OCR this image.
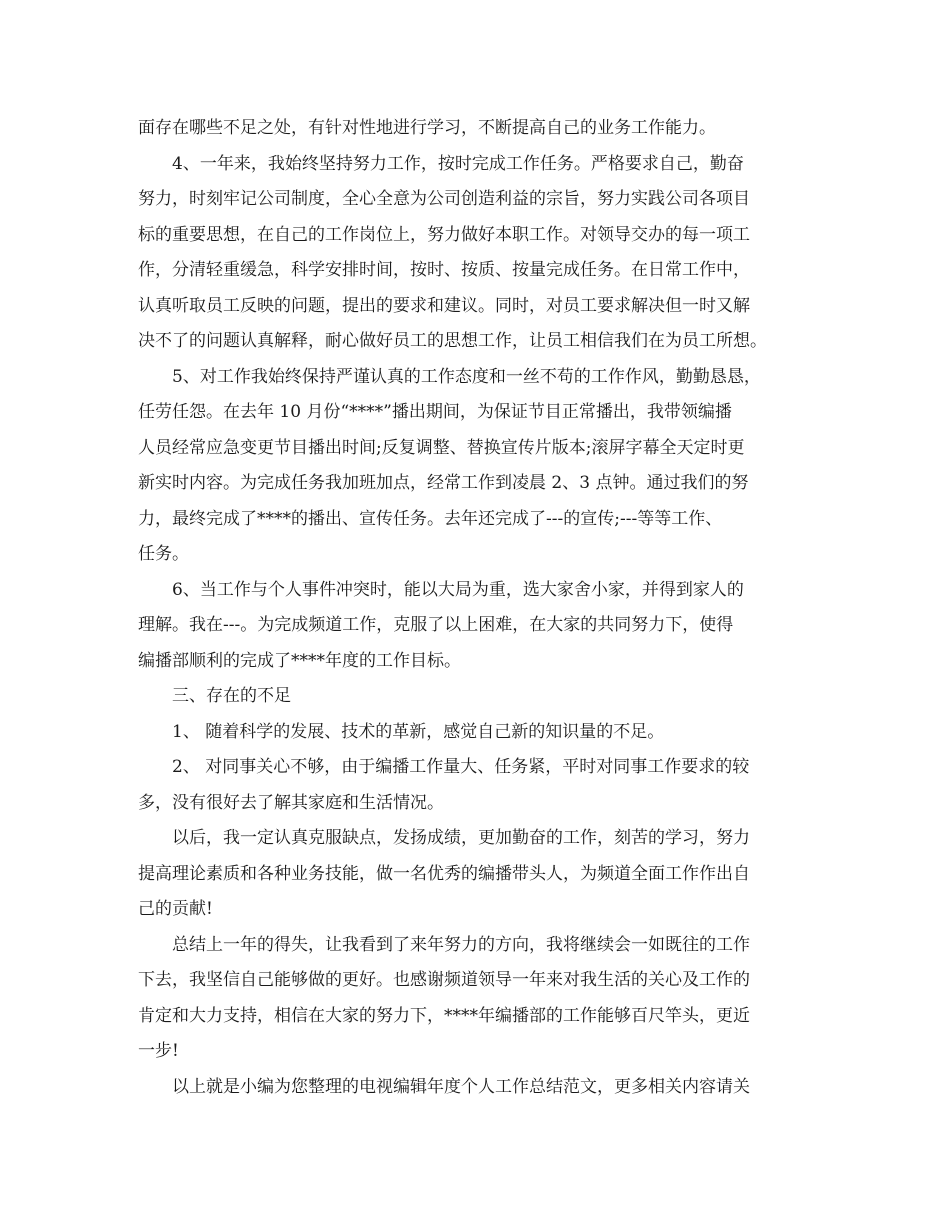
面存在哪些不足之处，有针对性地进行学习，不断提高自己的业务工作能力。
4、一年来，我始终坚持努力工作，按时完成工作任务。严格要求自己，勤奋
努力，时刻牢记公司制度，全心全意为公司创造利益的宗旨，努力实践公司各项目
标的重要思想，在自己的工作岗位上，努力做好本职工作。对领导交办的每一项工
作，分清轻重缓急，科学安排时间，按时、按质、按量完成任务。在日常工作中，
认真听取员工反映的问题，提出的要求和建议。同时，对员工要求解决但一时又解
决不了的问题认真解释，耐心做好员工的思想工作，让员工相信我们在为员工所想。
5、对工作我始终保持严谨认真的工作态度和一丝不苟的工作作风，勤勤恳恳，
任劳任怨。在去年 10 月份“****”播出期间，为保证节目正常播出，我带领编播
人员经常应急变更节目播出时间;反复调整、替换宣传片版本;滚屏字幕全天定时更
新实时内容。为完成任务我加班加点，经常工作到凌晨 2、3 点钟。通过我们的努
力，最终完成了****的播出、宣传任务。去年还完成了---的宣传;---等等工作、
任务。
6、当工作与个人事件冲突时，能以大局为重，选大家舍小家，并得到家人的
理解。我在---。为完成频道工作，克服了以上困难，在大家的共同努力下，使得
编播部顺利的完成了****年度的工作目标。
三、存在的不足
1、 随着科学的发展、技术的革新，感觉自己新的知识量的不足。
2、 对同事关心不够，由于编播工作量大、任务紧，平时对同事工作要求的较
多，没有很好去了解其家庭和生活情况。
以后，我一定认真克服缺点，发扬成绩，更加勤奋的工作，刻苦的学习，努力
提高理论素质和各种业务技能，做一名优秀的编播带头人，为频道全面工作作出自
己的贡献!
总结上一年的得失，让我看到了来年努力的方向，我将继续会一如既往的工作
下去，我坚信自己能够做的更好。也感谢频道领导一年来对我生活的关心及工作的
肯定和大力支持，相信在大家的努力下，****年编播部的工作能够百尺竿头，更近
一步!
以上就是小编为您整理的电视编辑年度个人工作总结范文，更多相关内容请关
